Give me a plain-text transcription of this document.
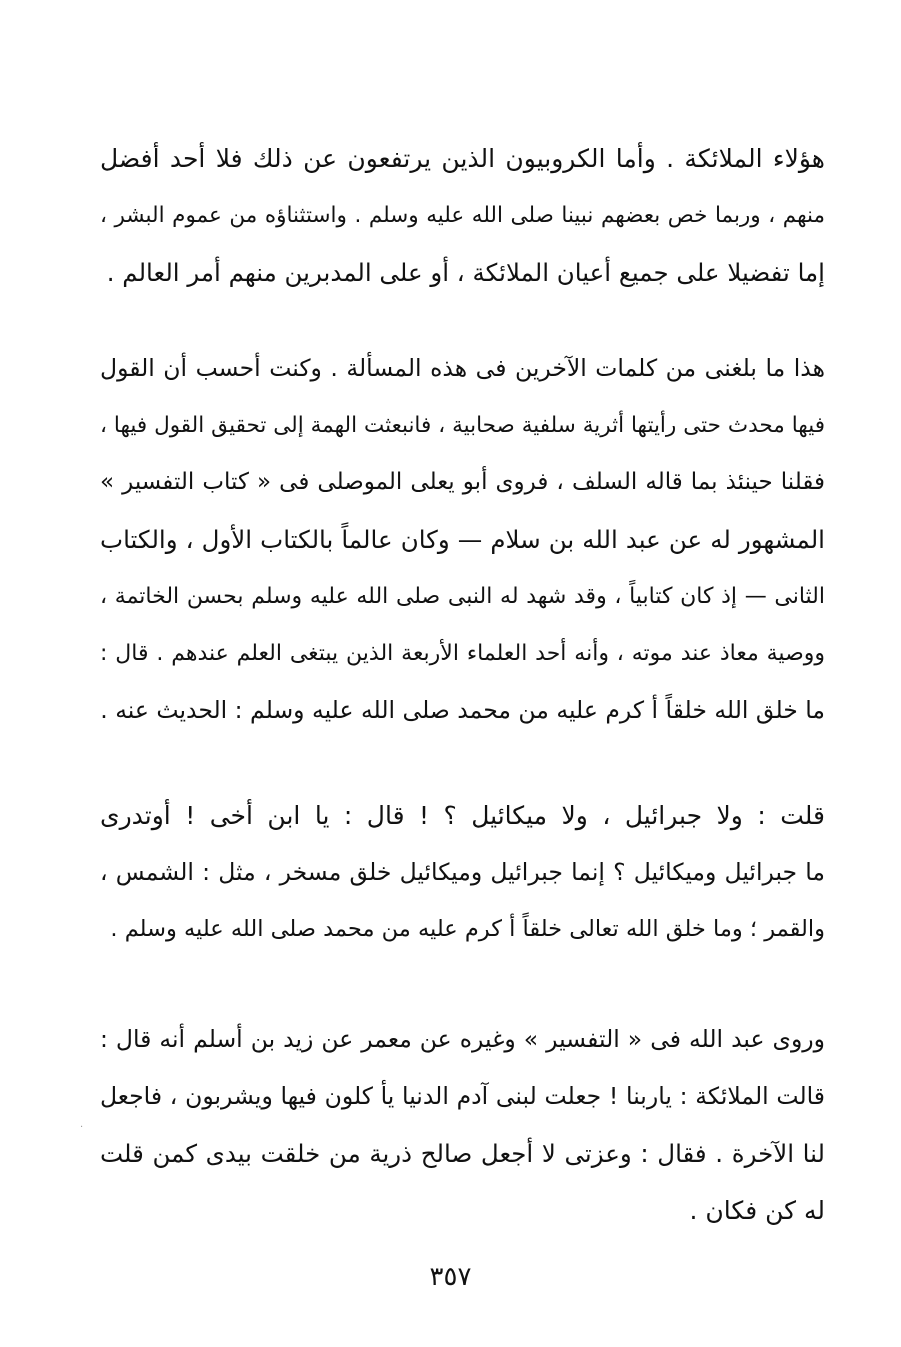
هؤلاء الملائكة . وأما الكروبيون الذين يرتفعون عن ذلك فلا أحد أفضل
منهم ، وربما خص بعضهم نبينا صلى الله عليه وسلم . واستثناؤه من عموم البشر ،
إما تفضيلا على جميع أعيان الملائكة ، أو على المدبرين منهم أمر العالم .
هذا ما بلغنى من كلمات الآخرين فى هذه المسألة . وكنت أحسب أن القول
فيها محدث حتى رأيتها أثرية سلفية صحابية ، فانبعثت الهمة إلى تحقيق القول فيها ،
فقلنا حينئذ بما قاله السلف ، فروى أبو يعلى الموصلى فى « كتاب التفسير »
المشهور له عن عبد الله بن سلام — وكان عالماً بالكتاب الأول ، والكتاب
الثانى — إذ كان كتابياً ، وقد شهد له النبى صلى الله عليه وسلم بحسن الخاتمة ،
ووصية معاذ عند موته ، وأنه أحد العلماء الأربعة الذين يبتغى العلم عندهم . قال :
ما خلق الله خلقاً أ كرم عليه من محمد صلى الله عليه وسلم : الحديث عنه .
قلت : ولا جبرائيل ، ولا ميكائيل ؟ ! قال : يا ابن أخى ! أوتدرى
ما جبرائيل وميكائيل ؟ إنما جبرائيل وميكائيل خلق مسخر ، مثل : الشمس ،
والقمر ؛ وما خلق الله تعالى خلقاً أ كرم عليه من محمد صلى الله عليه وسلم .
وروى عبد الله فى « التفسير » وغيره عن معمر عن زيد بن أسلم أنه قال :
قالت الملائكة : ياربنا ! جعلت لبنى آدم الدنيا يأ كلون فيها ويشربون ، فاجعل
لنا الآخرة . فقال : وعزتى لا أجعل صالح ذرية من خلقت بيدى كمن قلت
له كن فكان .
٣٥٧
·
